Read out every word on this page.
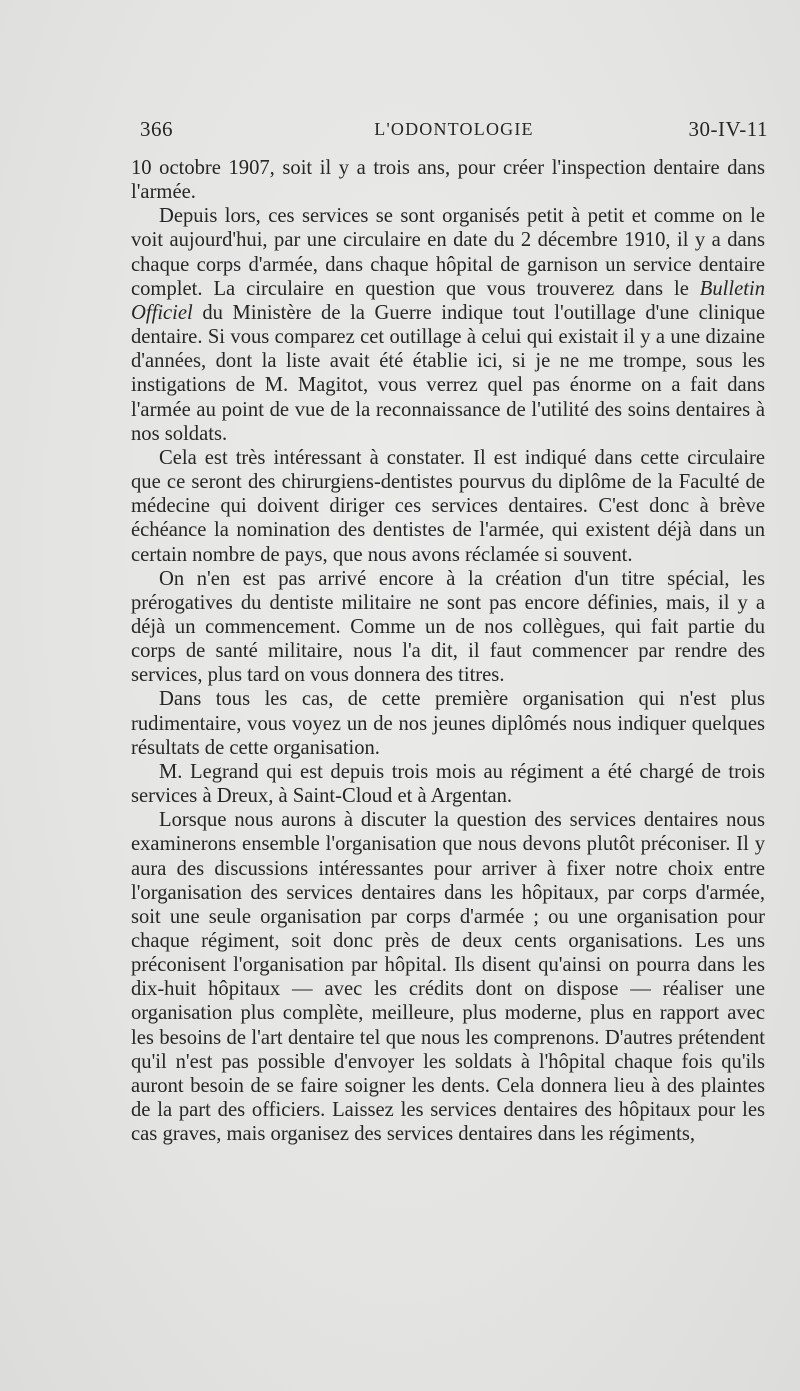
366	L'ODONTOLOGIE	30-IV-11

10 octobre 1907, soit il y a trois ans, pour créer l'inspection dentaire dans l'armée.

Depuis lors, ces services se sont organisés petit à petit et comme on le voit aujourd'hui, par une circulaire en date du 2 décembre 1910, il y a dans chaque corps d'armée, dans chaque hôpital de garnison un service dentaire complet. La circulaire en question que vous trouverez dans le Bulletin Officiel du Ministère de la Guerre indique tout l'outillage d'une clinique dentaire. Si vous comparez cet outillage à celui qui existait il y a une dizaine d'années, dont la liste avait été établie ici, si je ne me trompe, sous les instigations de M. Magitot, vous verrez quel pas énorme on a fait dans l'armée au point de vue de la reconnaissance de l'utilité des soins dentaires à nos soldats.

Cela est très intéressant à constater. Il est indiqué dans cette circulaire que ce seront des chirurgiens-dentistes pourvus du diplôme de la Faculté de médecine qui doivent diriger ces services dentaires. C'est donc à brève échéance la nomination des dentistes de l'armée, qui existent déjà dans un certain nombre de pays, que nous avons réclamée si souvent.

On n'en est pas arrivé encore à la création d'un titre spécial, les prérogatives du dentiste militaire ne sont pas encore définies, mais, il y a déjà un commencement. Comme un de nos collègues, qui fait partie du corps de santé militaire, nous l'a dit, il faut commencer par rendre des services, plus tard on vous donnera des titres.

Dans tous les cas, de cette première organisation qui n'est plus rudimentaire, vous voyez un de nos jeunes diplômés nous indiquer quelques résultats de cette organisation.

M. Legrand qui est depuis trois mois au régiment a été chargé de trois services à Dreux, à Saint-Cloud et à Argentan.

Lorsque nous aurons à discuter la question des services dentaires nous examinerons ensemble l'organisation que nous devons plutôt préconiser. Il y aura des discussions intéressantes pour arriver à fixer notre choix entre l'organisation des services dentaires dans les hôpitaux, par corps d'armée, soit une seule organisation par corps d'armée ; ou une organisation pour chaque régiment, soit donc près de deux cents organisations. Les uns préconisent l'organisation par hôpital. Ils disent qu'ainsi on pourra dans les dix-huit hôpitaux — avec les crédits dont on dispose — réaliser une organisation plus complète, meilleure, plus moderne, plus en rapport avec les besoins de l'art dentaire tel que nous les comprenons. D'autres prétendent qu'il n'est pas possible d'envoyer les soldats à l'hôpital chaque fois qu'ils auront besoin de se faire soigner les dents. Cela donnera lieu à des plaintes de la part des officiers. Laissez les services dentaires des hôpitaux pour les cas graves, mais organisez des services dentaires dans les régiments,
